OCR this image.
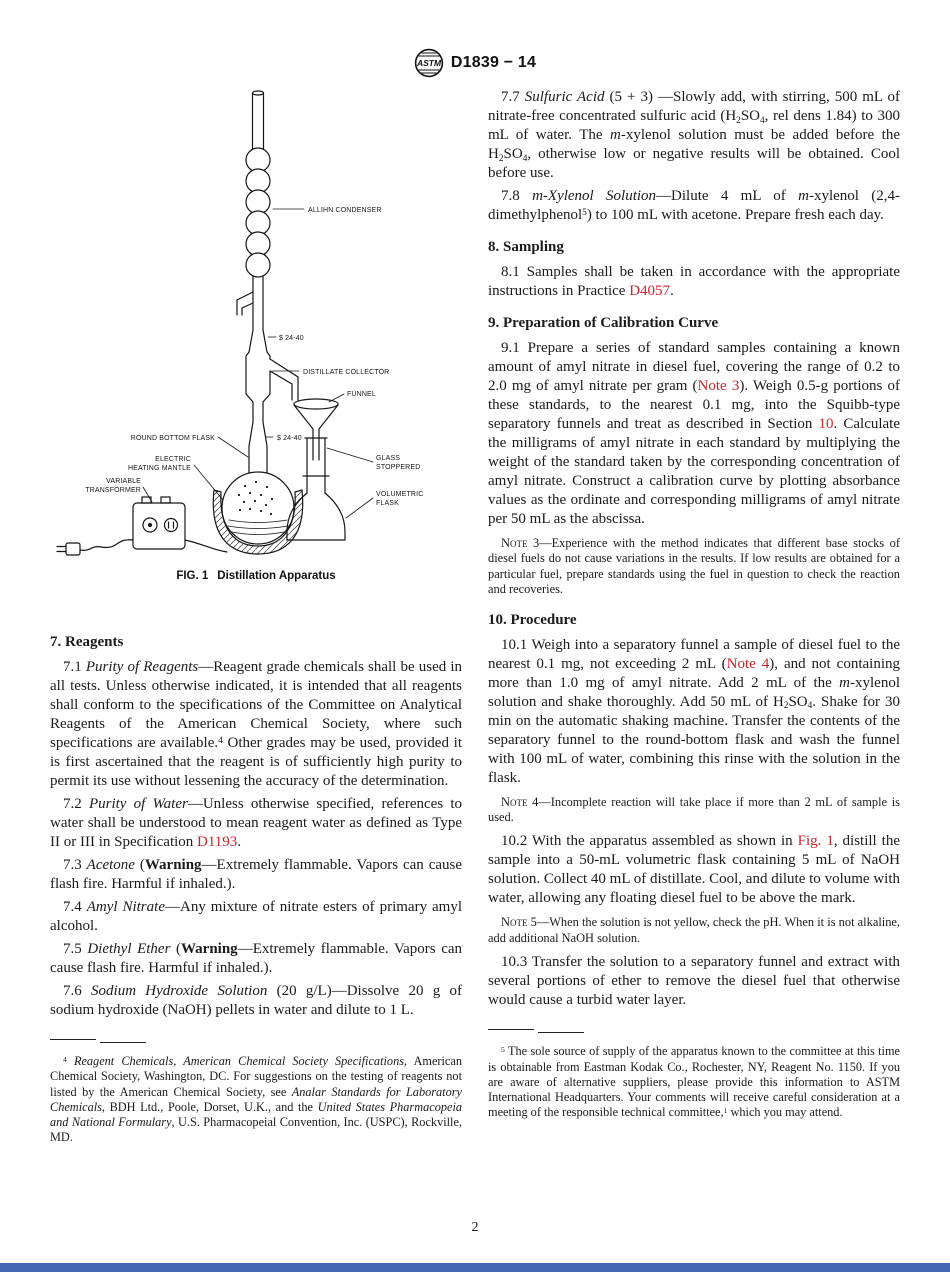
ASTM D1839 − 14
ALLIHN CONDENSER
$ 24-40
DISTILLATE COLLECTOR
FUNNEL
ROUND BOTTOM FLASK	$ 24-40
ELECTRIC
HEATING MANTLE
VARIABLE
TRANSFORMER
GLASS
STOPPERED
VOLUMETRIC
FLASK
FIG. 1 Distillation Apparatus
7. Reagents

7.1 Purity of Reagents—Reagent grade chemicals shall be used in all tests. Unless otherwise indicated, it is intended that all reagents shall conform to the specifications of the Committee on Analytical Reagents of the American Chemical Society, where such specifications are available.$^4$ Other grades may be used, provided it is first ascertained that the reagent is of sufficiently high purity to permit its use without lessening the accuracy of the determination.

7.2 Purity of Water—Unless otherwise specified, references to water shall be understood to mean reagent water as defined as Type II or III in Specification D1193.

7.3 Acetone (Warning—Extremely flammable. Vapors can cause flash fire. Harmful if inhaled.).

7.4 Amyl Nitrate—Any mixture of nitrate esters of primary amyl alcohol.

7.5 Diethyl Ether (Warning—Extremely flammable. Vapors can cause flash fire. Harmful if inhaled.).

7.6 Sodium Hydroxide Solution (20 g/L)—Dissolve 20 g of sodium hydroxide (NaOH) pellets in water and dilute to 1 L.

$^4$ Reagent Chemicals, American Chemical Society Specifications, American Chemical Society, Washington, DC. For suggestions on the testing of reagents not listed by the American Chemical Society, see Analar Standards for Laboratory Chemicals, BDH Ltd., Poole, Dorset, U.K., and the United States Pharmacopeia and National Formulary, U.S. Pharmacopeial Convention, Inc. (USPC), Rockville, MD.

7.7 Sulfuric Acid (5 + 3) —Slowly add, with stirring, 500 mL of nitrate-free concentrated sulfuric acid (H2SO4, rel dens 1.84) to 300 mL of water. The m-xylenol solution must be added before the H2SO4, otherwise low or negative results will be obtained. Cool before use.

7.8 m-Xylenol Solution—Dilute 4 mL of m-xylenol (2,4-dimethylphenol$^5$) to 100 mL with acetone. Prepare fresh each day.

8. Sampling

8.1 Samples shall be taken in accordance with the appropriate instructions in Practice D4057.

9. Preparation of Calibration Curve

9.1 Prepare a series of standard samples containing a known amount of amyl nitrate in diesel fuel, covering the range of 0.2 to 2.0 mg of amyl nitrate per gram (Note 3). Weigh 0.5-g portions of these standards, to the nearest 0.1 mg, into the Squibb-type separatory funnels and treat as described in Section 10. Calculate the milligrams of amyl nitrate in each standard by multiplying the weight of the standard taken by the corresponding concentration of amyl nitrate. Construct a calibration curve by plotting absorbance values as the ordinate and corresponding milligrams of amyl nitrate per 50 mL as the abscissa.

Note 3—Experience with the method indicates that different base stocks of diesel fuels do not cause variations in the results. If low results are obtained for a particular fuel, prepare standards using the fuel in question to check the reaction and recoveries.

10. Procedure

10.1 Weigh into a separatory funnel a sample of diesel fuel to the nearest 0.1 mg, not exceeding 2 mL (Note 4), and not containing more than 1.0 mg of amyl nitrate. Add 2 mL of the m-xylenol solution and shake thoroughly. Add 50 mL of H2SO4. Shake for 30 min on the automatic shaking machine. Transfer the contents of the separatory funnel to the round-bottom flask and wash the funnel with 100 mL of water, combining this rinse with the solution in the flask.

Note 4—Incomplete reaction will take place if more than 2 mL of sample is used.

10.2 With the apparatus assembled as shown in Fig. 1, distill the sample into a 50-mL volumetric flask containing 5 mL of NaOH solution. Collect 40 mL of distillate. Cool, and dilute to volume with water, allowing any floating diesel fuel to be above the mark.

Note 5—When the solution is not yellow, check the pH. When it is not alkaline, add additional NaOH solution.

10.3 Transfer the solution to a separatory funnel and extract with several portions of ether to remove the diesel fuel that otherwise would cause a turbid water layer.

$^5$ The sole source of supply of the apparatus known to the committee at this time is obtainable from Eastman Kodak Co., Rochester, NY, Reagent No. 1150. If you are aware of alternative suppliers, please provide this information to ASTM International Headquarters. Your comments will receive careful consideration at a meeting of the responsible technical committee,$^1$ which you may attend.

2
